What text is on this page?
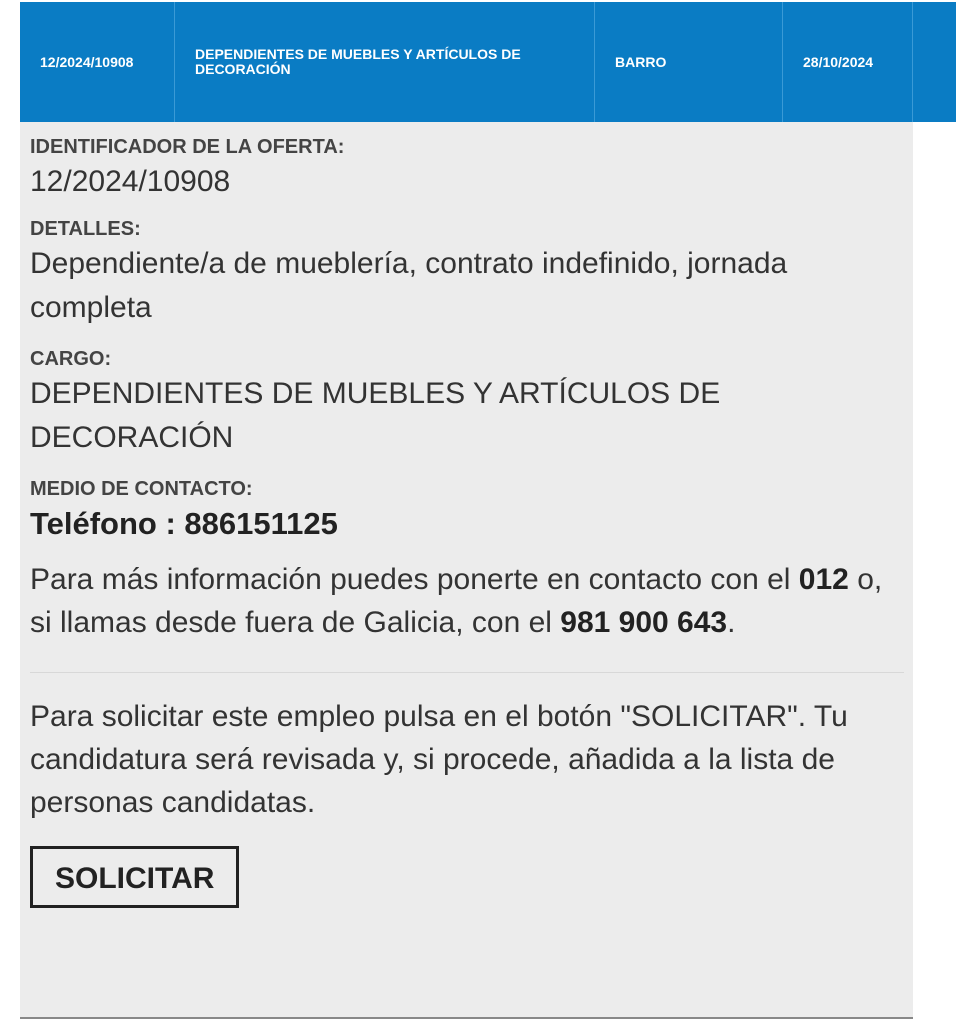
12/2024/10908	DEPENDIENTES DE MUEBLES Y ARTÍCULOS DE DECORACIÓN	BARRO	28/10/2024

IDENTIFICADOR DE LA OFERTA:

12/2024/10908

DETALLES:

Dependiente/a de mueblería, contrato indefinido, jornada completa

CARGO:

DEPENDIENTES DE MUEBLES Y ARTÍCULOS DE DECORACIÓN

MEDIO DE CONTACTO:

Teléfono : 886151125

Para más información puedes ponerte en contacto con el 012 o, si llamas desde fuera de Galicia, con el 981 900 643.

Para solicitar este empleo pulsa en el botón "SOLICITAR". Tu candidatura será revisada y, si procede, añadida a la lista de personas candidatas.

SOLICITAR
